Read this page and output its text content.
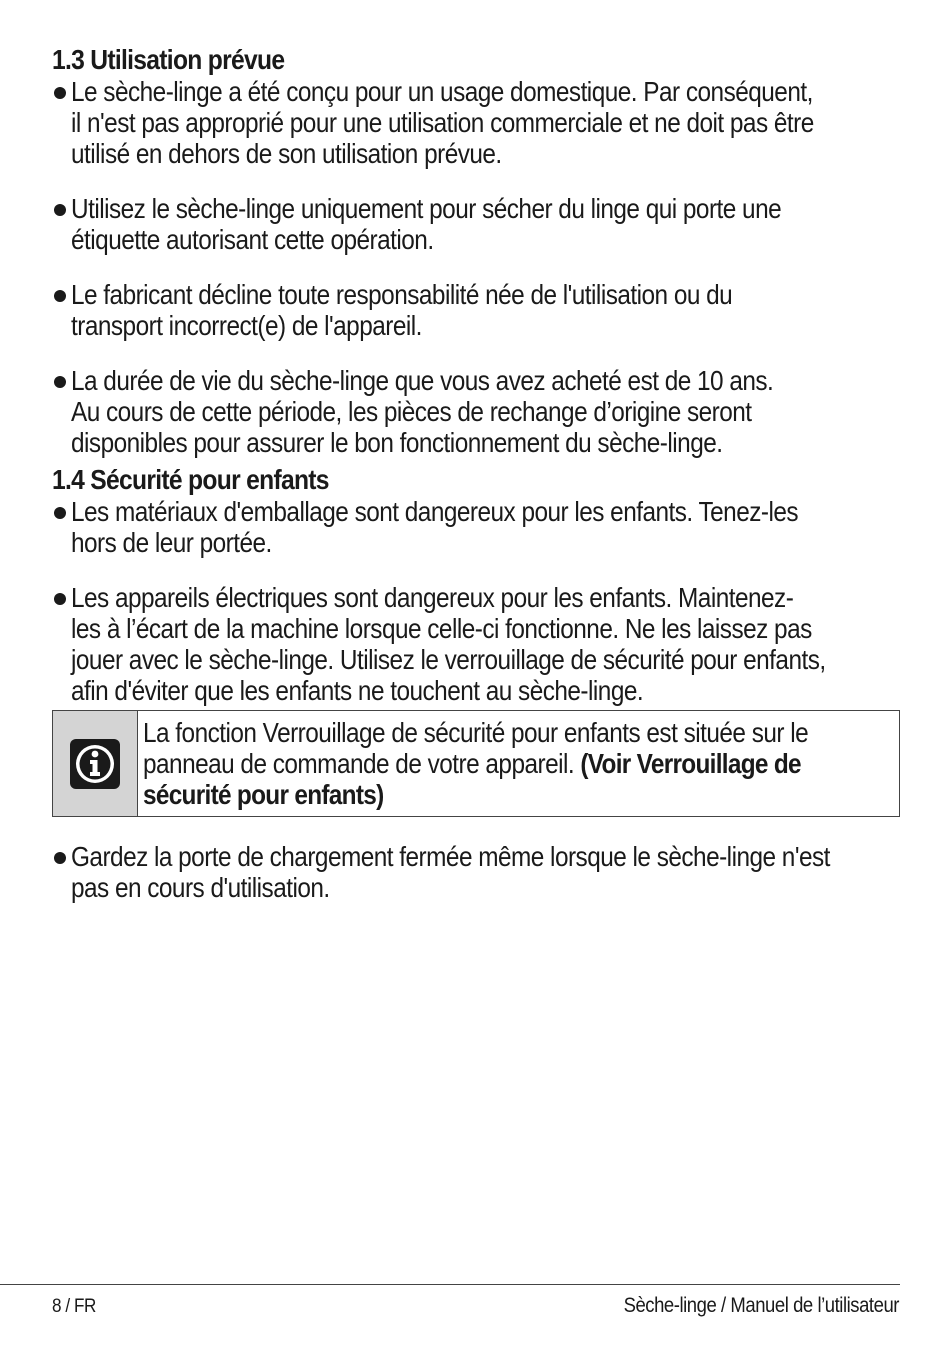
1.3 Utilisation prévue
Le sèche-linge a été conçu pour un usage domestique. Par conséquent,
il n'est pas approprié pour une utilisation commerciale et ne doit pas être
utilisé en dehors de son utilisation prévue.
Utilisez le sèche-linge uniquement pour sécher du linge qui porte une
étiquette autorisant cette opération.
Le fabricant décline toute responsabilité née de l'utilisation ou du
transport incorrect(e) de l'appareil.
La durée de vie du sèche-linge que vous avez acheté est de 10 ans.
Au cours de cette période, les pièces de rechange d’origine seront
disponibles pour assurer le bon fonctionnement du sèche-linge.
1.4 Sécurité pour enfants
Les matériaux d'emballage sont dangereux pour les enfants. Tenez-les
hors de leur portée.
Les appareils électriques sont dangereux pour les enfants. Maintenez-
les à l’écart de la machine lorsque celle-ci fonctionne. Ne les laissez pas
jouer avec le sèche-linge. Utilisez le verrouillage de sécurité pour enfants,
afin d'éviter que les enfants ne touchent au sèche-linge.
La fonction Verrouillage de sécurité pour enfants est située sur le
panneau de commande de votre appareil. (Voir Verrouillage de
sécurité pour enfants)
Gardez la porte de chargement fermée même lorsque le sèche-linge n'est
pas en cours d'utilisation.
8 / FR	Sèche-linge / Manuel de l’utilisateur
